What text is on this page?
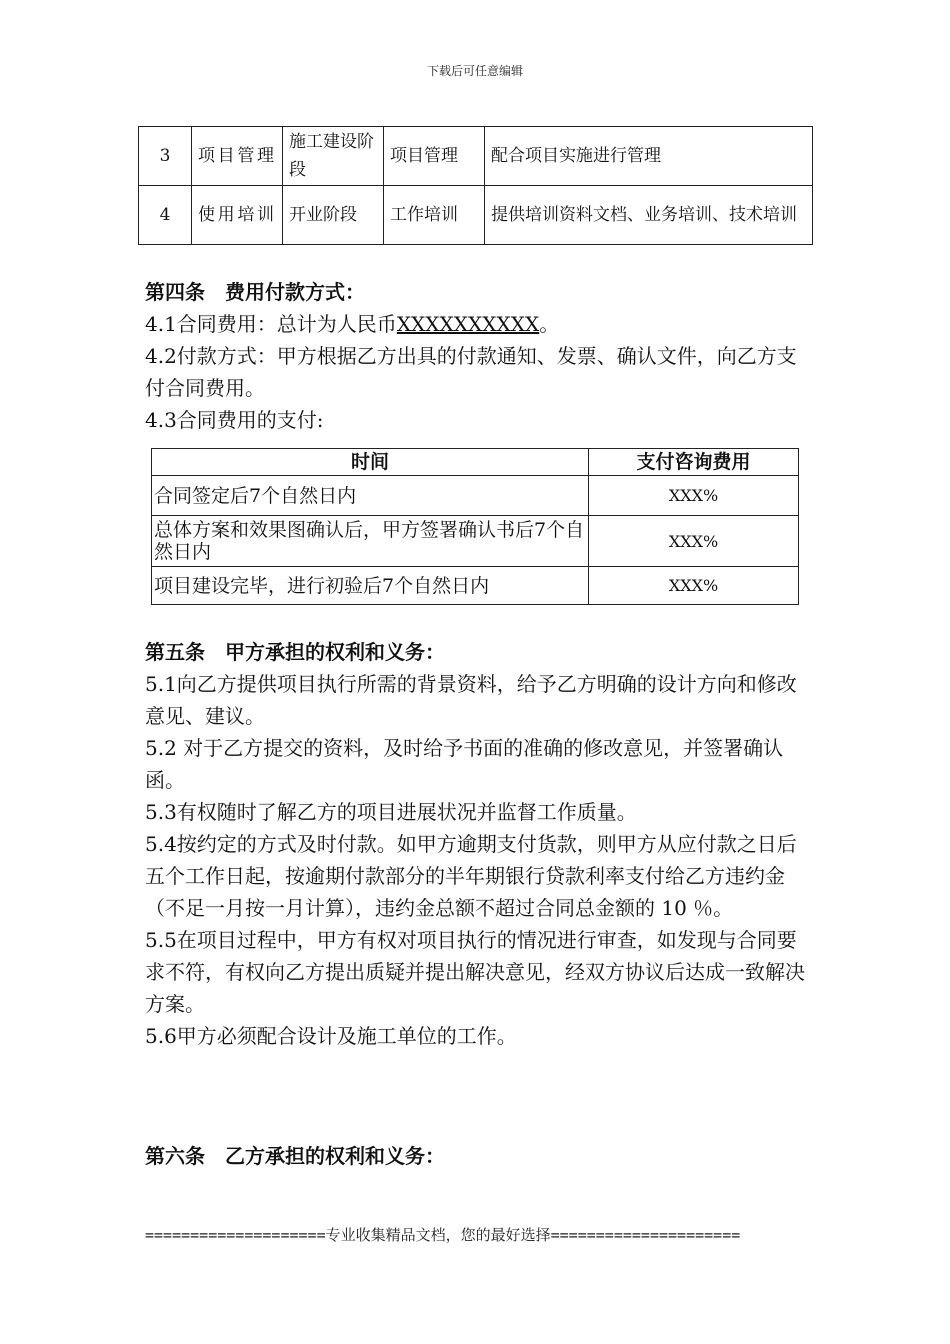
下载后可任意编辑
3	项目管理	施工建设阶段	项目管理	配合项目实施进行管理
4	使用培训	开业阶段	工作培训	提供培训资料文档、业务培训、技术培训
第四条　费用付款方式：
4.1合同费用：总计为人民币XXXXXXXXXX。
4.2付款方式：甲方根据乙方出具的付款通知、发票、确认文件，向乙方支付合同费用。
4.3合同费用的支付:
时间	支付咨询费用
合同签定后7个自然日内	XXX%
总体方案和效果图确认后，甲方签署确认书后7个自然日内	XXX%
项目建设完毕，进行初验后7个自然日内	XXX%
第五条　甲方承担的权利和义务：
5.1向乙方提供项目执行所需的背景资料，给予乙方明确的设计方向和修改意见、建议。
5.2 对于乙方提交的资料，及时给予书面的准确的修改意见，并签署确认函。
5.3有权随时了解乙方的项目进展状况并监督工作质量。
5.4按约定的方式及时付款。如甲方逾期支付货款，则甲方从应付款之日后 五个工作日起，按逾期付款部分的半年期银行贷款利率支付给乙方违约金（不足一月按一月计算），违约金总额不超过合同总金额的 10 ％。
5.5在项目过程中，甲方有权对项目执行的情况进行审查，如发现与合同要求不符，有权向乙方提出质疑并提出解决意见，经双方协议后达成一致解决方案。
5.6甲方必须配合设计及施工单位的工作。
第六条　乙方承担的权利和义务：
====================专业收集精品文档，您的最好选择=====================
